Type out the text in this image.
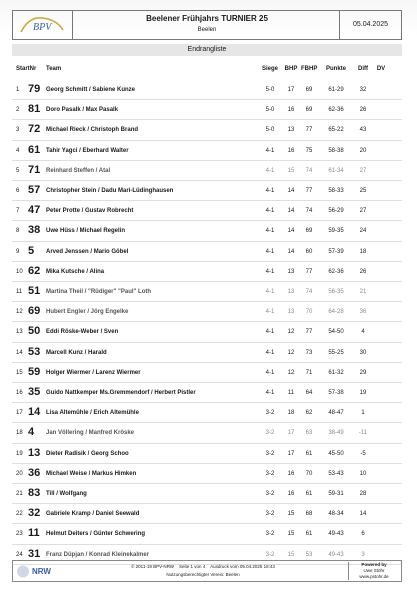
BPV
Beelener Frühjahrs TURNIER 25
Beelen
05.04.2025
Endrangliste
StartNr Team	Siege	BHP FBHP	Punkte	Diff	DV
1 79 Georg Schmitt / Sabiene Kunze	5-0	17	69	61-29	32
2 81 Doro Pasalk / Max Pasalk	5-0	16	69	62-36	26
3 72 Michael Rieck / Christoph Brand	5-0	13	77	65-22	43
4 61 Tahir Yagci / Eberhard Walter	4-1	16	75	58-38	20
5 71 Reinhard Steffen / Atal	4-1	15	74	61-34	27
6 57 Christopher Stein / Dadu Mari-Lüdinghausen	4-1	14	77	58-33	25
7 47 Peter Protte / Gustav Robrecht	4-1	14	74	56-29	27
8 38 Uwe Hüss / Michael Regelin	4-1	14	69	59-35	24
9 5 Arved Jenssen / Mario Göbel	4-1	14	60	57-39	18
10 62 Mika Kutsche / Alina	4-1	13	77	62-36	26
11 51 Martina Theil / "Rüdiger" "Paul" Loth	4-1	13	74	56-35	21
12 69 Hubert Engler / Jörg Engelke	4-1	13	70	64-28	36
13 50 Eddi Röske-Weber / Sven	4-1	12	77	54-50	4
14 53 Marcell Kunz / Harald	4-1	12	73	55-25	30
15 59 Holger Wiermer / Larenz Wiermer	4-1	12	71	61-32	29
16 35 Guido Nattkemper Ms.Gremmendorf / Herbert Pistler	4-1	11	64	57-38	19
17 14 Lisa Altemühle / Erich Altemühle	3-2	18	62	48-47	1
18 4 Jan Völlering / Manfred Kröske	3-2	17	63	38-49	-11
19 13 Dieter Radisik / Georg Schoo	3-2	17	61	45-50	-5
20 36 Michael Weise / Markus Himken	3-2	16	70	53-43	10
21 83 Till / Wolfgang	3-2	16	61	59-31	28
22 32 Gabriele Kramp / Daniel Seewald	3-2	15	68	48-34	14
23 11 Helmut Deiters / Günter Schwering	3-2	15	61	49-43	6
24 31 Franz Düpjan / Konrad Kleinekalmer	3-2	15	53	49-43	3
NRW
© 2011-19 BPV-NRW Seite 1 von 4 Ausdruck vom 05.04.2025 18:43
Nutzungsberechtigter Verein: Beelen
Powered by
Uwe Stöhr
www.pstohr.de
